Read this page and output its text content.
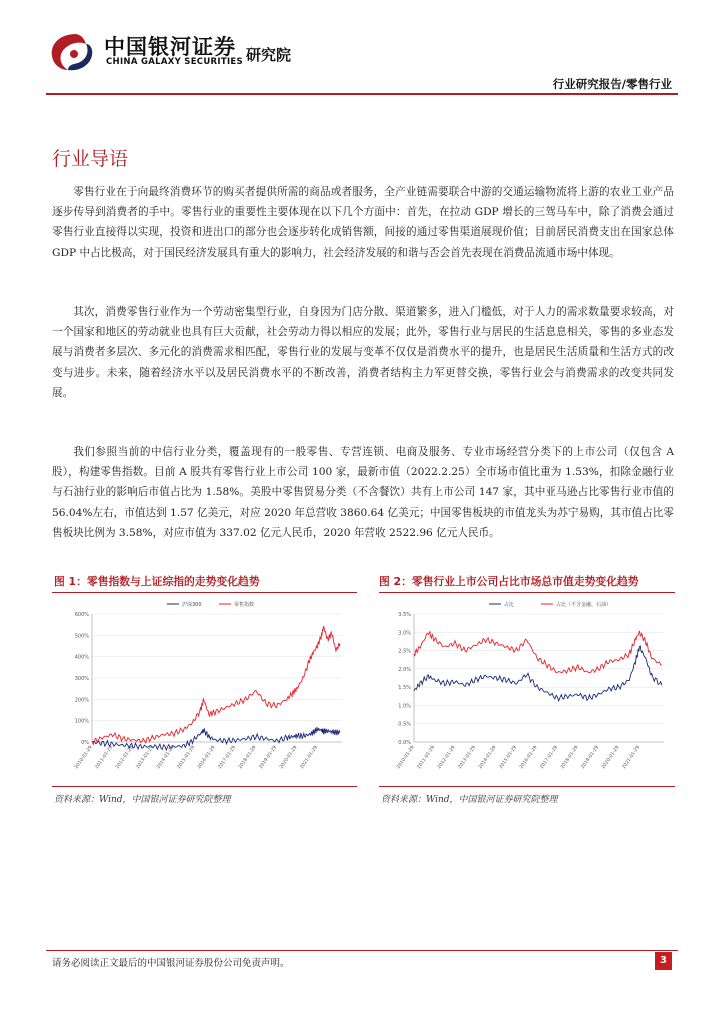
中国银河证券
CHINA GALAXY SECURITIES 研究院
行业研究报告/零售行业
行业导语

零售行业在于向最终消费环节的购买者提供所需的商品或者服务，全产业链需要联合中游的交通运输物流将上游的农业工业产品逐步传导到消费者的手中。零售行业的重要性主要体现在以下几个方面中：首先，在拉动 GDP 增长的三驾马车中，除了消费会通过零售行业直接得以实现，投资和进出口的部分也会逐步转化成销售额，间接的通过零售渠道展现价值；目前居民消费支出在国家总体 GDP 中占比极高，对于国民经济发展具有重大的影响力，社会经济发展的和谐与否会首先表现在消费品流通市场中体现。

其次，消费零售行业作为一个劳动密集型行业，自身因为门店分散、渠道繁多，进入门槛低，对于人力的需求数量要求较高，对一个国家和地区的劳动就业也具有巨大贡献，社会劳动力得以相应的发展；此外，零售行业与居民的生活息息相关，零售的多业态发展与消费者多层次、多元化的消费需求相匹配，零售行业的发展与变革不仅仅是消费水平的提升，也是居民生活质量和生活方式的改变与进步。未来，随着经济水平以及居民消费水平的不断改善，消费者结构主力军更替交换，零售行业会与消费需求的改变共同发展。

我们参照当前的中信行业分类，覆盖现有的一般零售、专营连锁、电商及服务、专业市场经营分类下的上市公司（仅包含 A 股），构建零售指数。目前 A 股共有零售行业上市公司 100 家，最新市值（2022.2.25）全市场市值比重为 1.53%，扣除金融行业与石油行业的影响后市值占比为 1.58%。美股中零售贸易分类（不含餐饮）共有上市公司 147 家，其中亚马逊占比零售行业市值的 56.04%左右，市值达到 1.57 亿美元，对应 2020 年总营收 3860.64 亿美元；中国零售板块的市值龙头为苏宁易购，其市值占比零售板块比例为 3.58%，对应市值为 337.02 亿元人民币，2020 年营收 2522.96 亿元人民币。

图 1：零售指数与上证综指的走势变化趋势	图 2：零售行业上市公司占比市场总市值走势变化趋势
0%
100%
200%
300%
400%
500%
600%
2010-01-29 2011-01-29 2012-01-29 2013-01-29 2014-01-29 2015-01-29 2016-01-29 2017-01-29 2018-01-29 2019-01-29 2020-01-29 2021-01-29
沪深300	零售指数
0.0%
0.5%
1.0%
1.5%
2.0%
2.5%
3.0%
3.5%
2010-01-29 2011-01-29 2012-01-29 2013-01-29 2014-01-29 2015-01-29 2016-01-29 2017-01-29 2018-01-29 2019-01-29 2020-01-29 2021-01-29
占比	占比（不含金融、石油）
资料来源：Wind，中国银河证券研究院整理	资料来源：Wind，中国银河证券研究院整理
请务必阅读正文最后的中国银河证券股份公司免责声明。	3
